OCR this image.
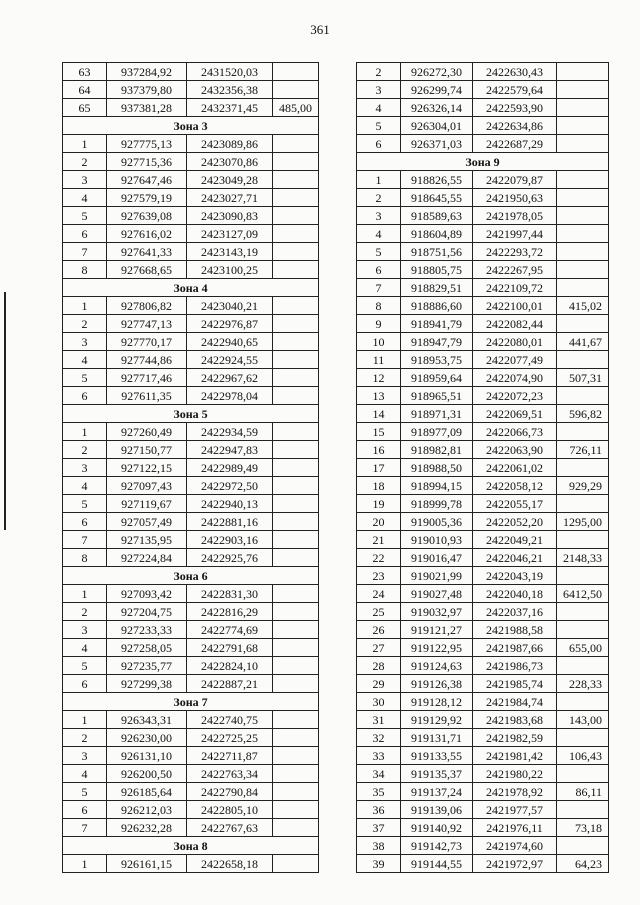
361
63	937284,92	2431520,03	
64	937379,80	2432356,38	
65	937381,28	2432371,45	485,00
Зона 3			
1	927775,13	2423089,86	
2	927715,36	2423070,86	
3	927647,46	2423049,28	
4	927579,19	2423027,71	
5	927639,08	2423090,83	
6	927616,02	2423127,09	
7	927641,33	2423143,19	
8	927668,65	2423100,25	
Зона 4			
1	927806,82	2423040,21	
2	927747,13	2422976,87	
3	927770,17	2422940,65	
4	927744,86	2422924,55	
5	927717,46	2422967,62	
6	927611,35	2422978,04	
Зона 5			
1	927260,49	2422934,59	
2	927150,77	2422947,83	
3	927122,15	2422989,49	
4	927097,43	2422972,50	
5	927119,67	2422940,13	
6	927057,49	2422881,16	
7	927135,95	2422903,16	
8	927224,84	2422925,76	
Зона 6			
1	927093,42	2422831,30	
2	927204,75	2422816,29	
3	927233,33	2422774,69	
4	927258,05	2422791,68	
5	927235,77	2422824,10	
6	927299,38	2422887,21	
Зона 7			
1	926343,31	2422740,75	
2	926230,00	2422725,25	
3	926131,10	2422711,87	
4	926200,50	2422763,34	
5	926185,64	2422790,84	
6	926212,03	2422805,10	
7	926232,28	2422767,63	
Зона 8			
1	926161,15	2422658,18	
2	926272,30	2422630,43	
3	926299,74	2422579,64	
4	926326,14	2422593,90	
5	926304,01	2422634,86	
6	926371,03	2422687,29	
Зона 9			
1	918826,55	2422079,87	
2	918645,55	2421950,63	
3	918589,63	2421978,05	
4	918604,89	2421997,44	
5	918751,56	2422293,72	
6	918805,75	2422267,95	
7	918829,51	2422109,72	
8	918886,60	2422100,01	415,02
9	918941,79	2422082,44	
10	918947,79	2422080,01	441,67
11	918953,75	2422077,49	
12	918959,64	2422074,90	507,31
13	918965,51	2422072,23	
14	918971,31	2422069,51	596,82
15	918977,09	2422066,73	
16	918982,81	2422063,90	726,11
17	918988,50	2422061,02	
18	918994,15	2422058,12	929,29
19	918999,78	2422055,17	
20	919005,36	2422052,20	1295,00
21	919010,93	2422049,21	
22	919016,47	2422046,21	2148,33
23	919021,99	2422043,19	
24	919027,48	2422040,18	6412,50
25	919032,97	2422037,16	
26	919121,27	2421988,58	
27	919122,95	2421987,66	655,00
28	919124,63	2421986,73	
29	919126,38	2421985,74	228,33
30	919128,12	2421984,74	
31	919129,92	2421983,68	143,00
32	919131,71	2421982,59	
33	919133,55	2421981,42	106,43
34	919135,37	2421980,22	
35	919137,24	2421978,92	86,11
36	919139,06	2421977,57	
37	919140,92	2421976,11	73,18
38	919142,73	2421974,60	
39	919144,55	2421972,97	64,23
